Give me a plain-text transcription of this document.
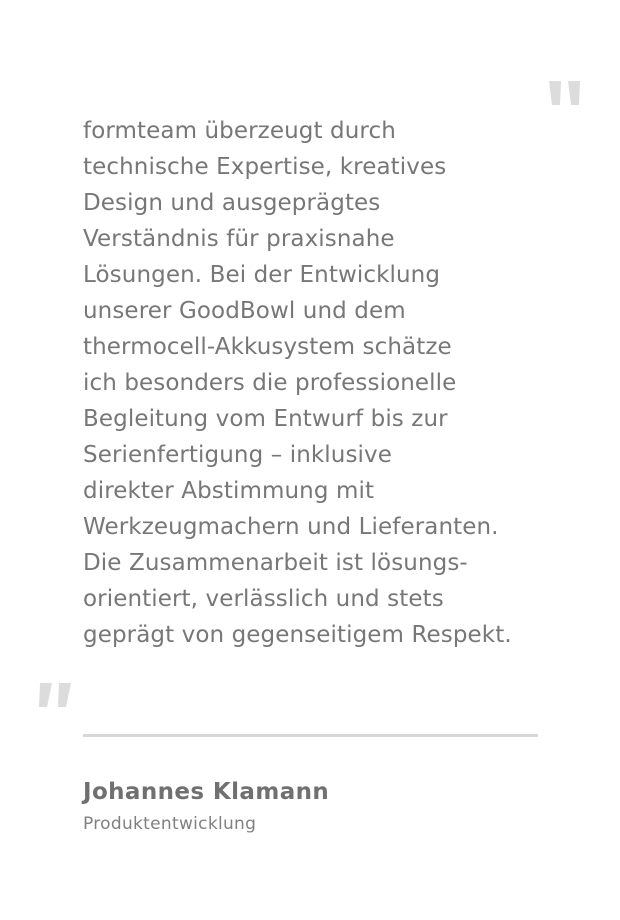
formteam überzeugt durch
technische Expertise, kreatives
Design und ausgeprägtes
Verständnis für praxisnahe
Lösungen. Bei der Entwicklung
unserer GoodBowl und dem
thermocell-Akkusystem schätze
ich besonders die professionelle
Begleitung vom Entwurf bis zur
Serienfertigung – inklusive
direkter Abstimmung mit
Werkzeugmachern und Lieferanten.
Die Zusammenarbeit ist lösungs-
orientiert, verlässlich und stets
geprägt von gegenseitigem Respekt.

Johannes Klamann

Produktentwicklung
